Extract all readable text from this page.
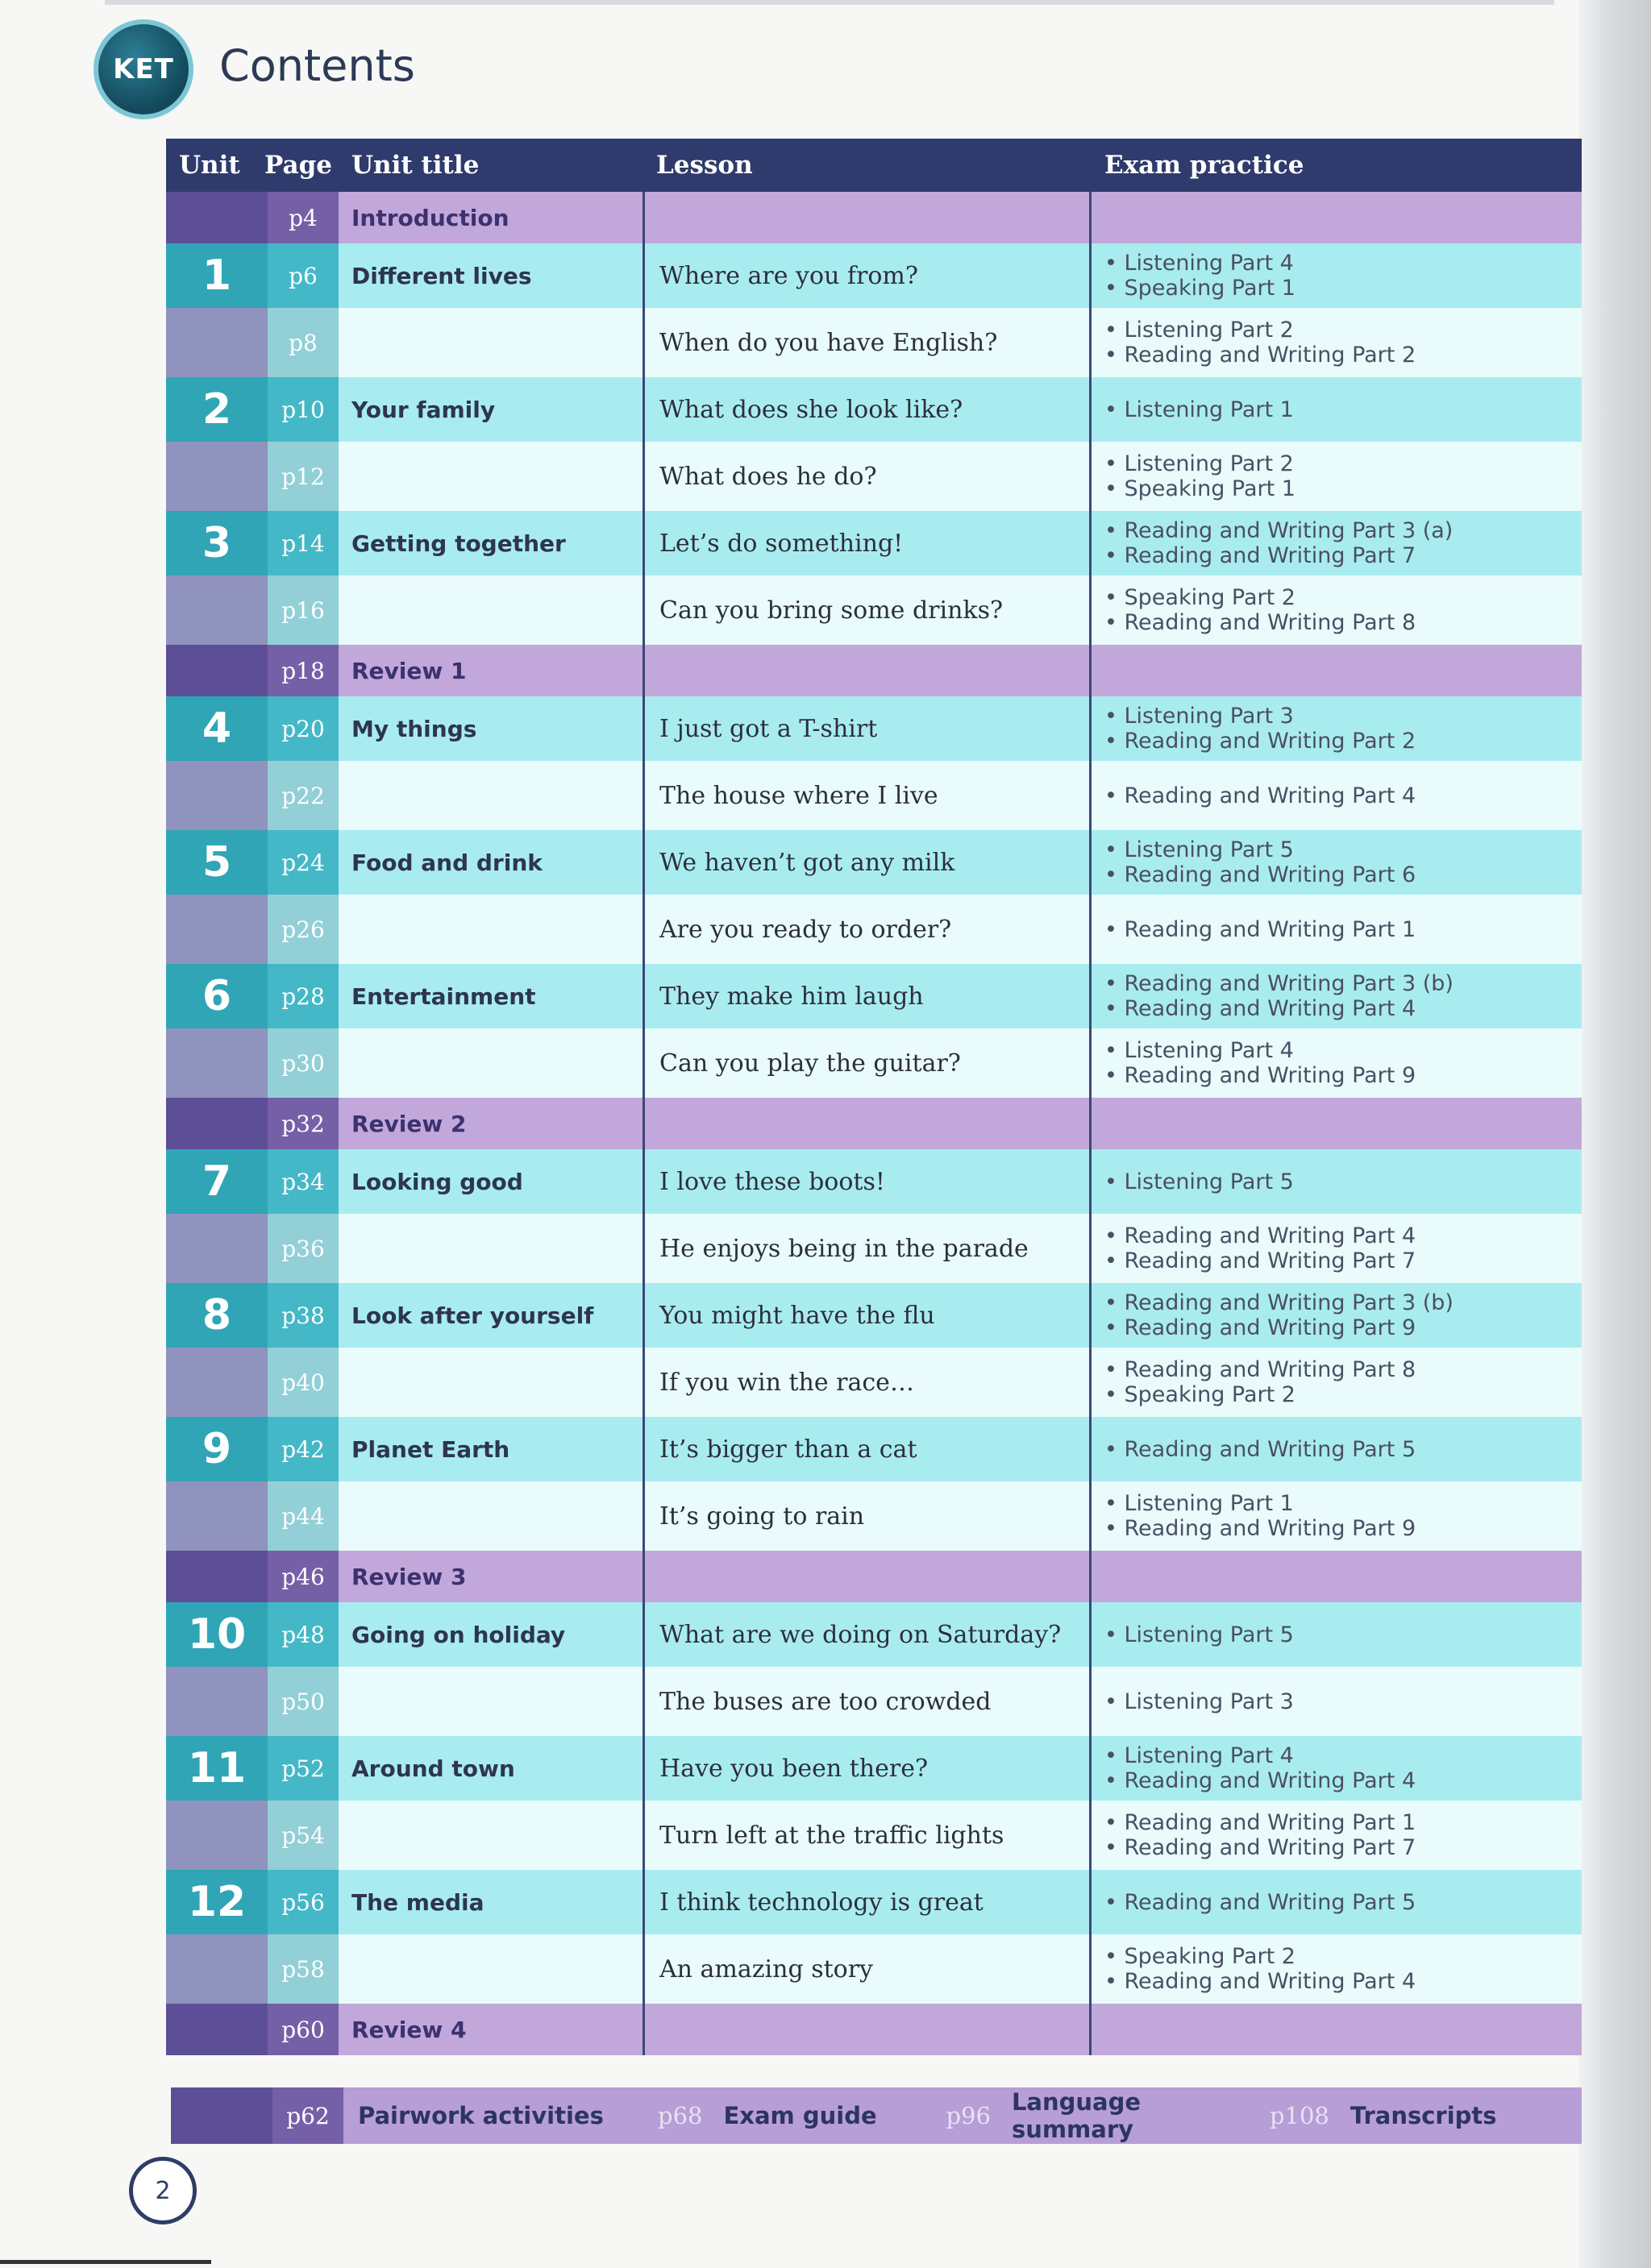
KET Contents
Unit Page Unit title	Lesson	Exam practice
p4	Introduction
1	p6	Different lives	Where are you from?	• Listening Part 4
• Speaking Part 1
p8	When do you have English?	• Listening Part 2
• Reading and Writing Part 2
2	p10	Your family	What does she look like?	• Listening Part 1
p12	What does he do?	• Listening Part 2
• Speaking Part 1
3	p14	Getting together	Let’s do something!	• Reading and Writing Part 3 (a)
• Reading and Writing Part 7
p16	Can you bring some drinks?	• Speaking Part 2
• Reading and Writing Part 8
p18	Review 1
4	p20	My things	I just got a T-shirt	• Listening Part 3
• Reading and Writing Part 2
p22	The house where I live	• Reading and Writing Part 4
5	p24	Food and drink	We haven’t got any milk	• Listening Part 5
• Reading and Writing Part 6
p26	Are you ready to order?	• Reading and Writing Part 1
6	p28	Entertainment	They make him laugh	• Reading and Writing Part 3 (b)
• Reading and Writing Part 4
p30	Can you play the guitar?	• Listening Part 4
• Reading and Writing Part 9
p32	Review 2
7	p34	Looking good	I love these boots!	• Listening Part 5
p36	He enjoys being in the parade	• Reading and Writing Part 4
• Reading and Writing Part 7
8	p38	Look after yourself	You might have the flu	• Reading and Writing Part 3 (b)
• Reading and Writing Part 9
p40	If you win the race…	• Reading and Writing Part 8
• Speaking Part 2
9	p42	Planet Earth	It’s bigger than a cat	• Reading and Writing Part 5
p44	It’s going to rain	• Listening Part 1
• Reading and Writing Part 9
p46	Review 3
10	p48	Going on holiday	What are we doing on Saturday?	• Listening Part 5
p50	The buses are too crowded	• Listening Part 3
11	p52	Around town	Have you been there?	• Listening Part 4
• Reading and Writing Part 4
p54	Turn left at the traffic lights	• Reading and Writing Part 1
• Reading and Writing Part 7
12	p56	The media	I think technology is great	• Reading and Writing Part 5
p58	An amazing story	• Speaking Part 2
• Reading and Writing Part 4
p60	Review 4
p62	Pairwork activities	p68 Exam guide	p96 Language summary	p108 Transcripts
2
